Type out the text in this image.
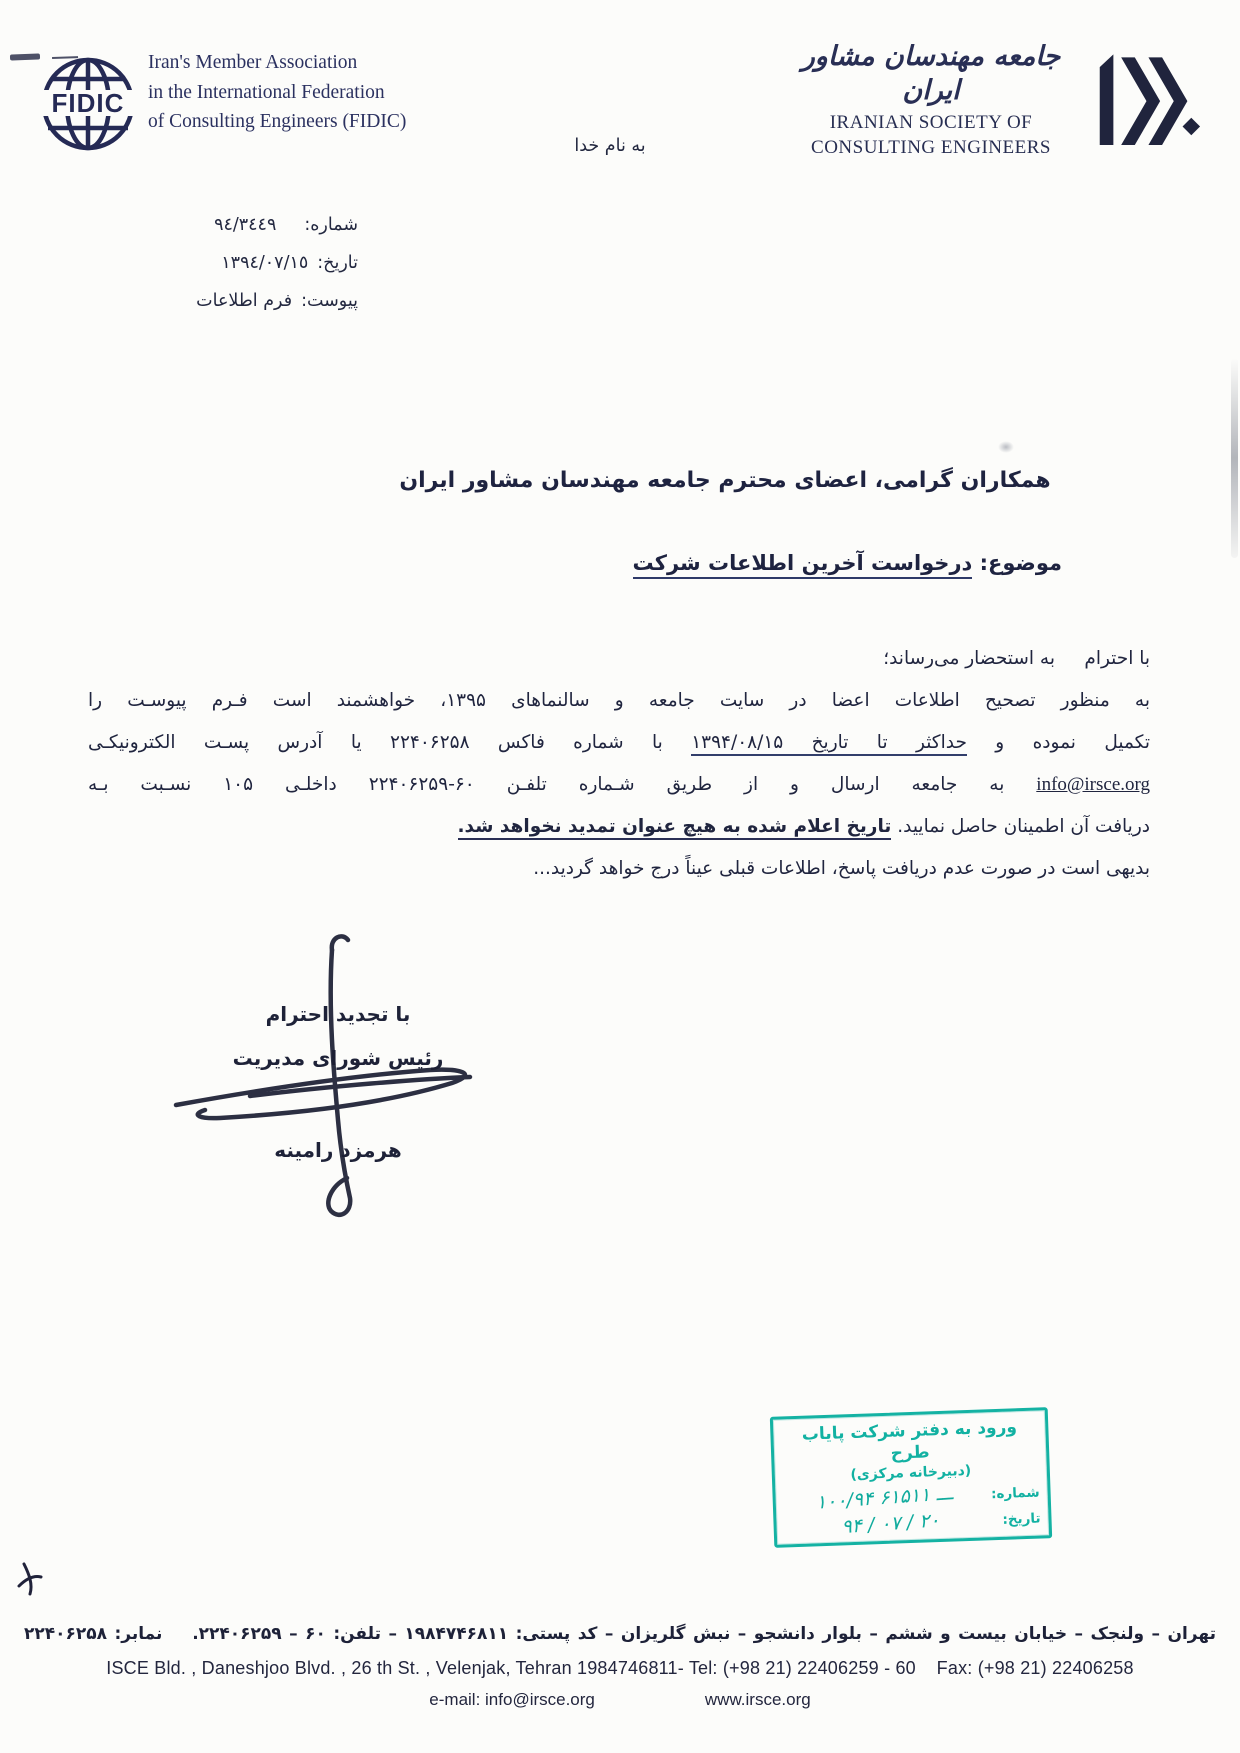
FIDIC
Iran's Member Association
in the International Federation
of Consulting Engineers (FIDIC)
جامعه مهندسان مشاور ایران
IRANIAN SOCIETY OF
CONSULTING ENGINEERS
به نام خدا
شماره:٩٤/٣٤٤٩
تاریخ:١٣٩٤/٠٧/١٥
پیوست:فرم اطلاعات
همکاران گرامی، اعضای محترم جامعه مهندسان مشاور ایران
موضوع: درخواست آخرین اطلاعات شرکت
با احترام     به استحضار می‌رساند؛
به منظور تصحیح اطلاعات اعضا در سایت جامعه و سالنماهای ۱۳۹۵، خواهشمند است فـرم پیوسـت را
تکمیل نموده و حداکثر تا تاریخ ۱۳۹۴/۰۸/۱۵ با شماره فاکس ۲۲۴۰۶۲۵۸ یا آدرس پسـت الکترونیکـی
info@irsce.org به جامعه ارسال و از طریق شـماره تلفـن ۶۰‏-‏۲۲۴۰۶۲۵۹ داخلـی ۱۰۵ نسـبت بـه
دریافت آن اطمینان حاصل نمایید. تاریخ اعلام شده به هیچ عنوان تمدید نخواهد شد.
بدیهی است در صورت عدم دریافت پاسخ، اطلاعات قبلی عیناً درج خواهد گردید...
با تجدید احترام
رئیس شورای مدیریت
هرمزد رامینه
ورود به دفتر شرکت پایاب طرح
(دبیرخانه مرکزی)
شماره:
۱۰۰/۹۴ ـــ ۶۱۵۱۱
تاریخ:
۹۴ / ۰۷ / ۲۰
تهران – ولنجک – خیابان بیست و ششم – بلوار دانشجو – نبش گلریزان – کد پستی: ۱۹۸۴۷۴۶۸۱۱ – تلفن: ۶۰‏ – ‏۲۲۴۰۶۲۵۹.    نمابر: ۲۲۴۰۶۲۵۸
ISCE Bld. , Daneshjoo Blvd. , 26 th St. , Velenjak, Tehran 1984746811- Tel: (+98 21) 22406259 - 60    Fax: (+98 21) 22406258
e-mail: info@irsce.org	www.irsce.org
